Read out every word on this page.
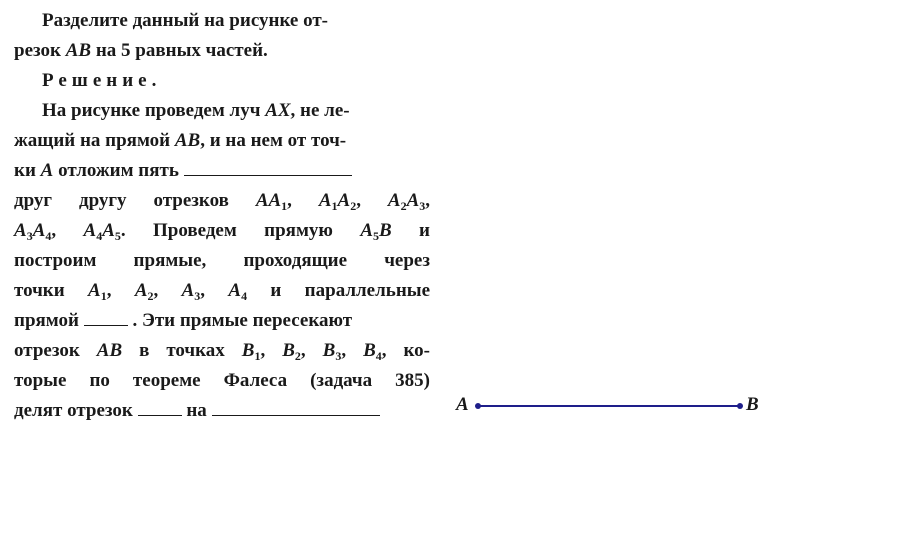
Разделите данный на рисунке от-
резок AB на 5 равных частей.
Решение.
На рисунке проведем луч AX, не ле-
жащий на прямой AB, и на нем от точ-
ки A отложим пять
друг другу отрезков $AA_1$, $A_1A_2$, $A_2A_3$,
$A_3A_4$, $A_4A_5$. Проведем прямую $A_5B$ и
построим прямые, проходящие через
точки $A_1$, $A_2$, $A_3$, $A_4$ и параллельные
прямой	. Эти прямые пересекают
отрезок AB в точках $B_1$, $B_2$, $B_3$, $B_4$, ко-
торые по теореме Фалеса (задача 385)
делят отрезок  на	A	B
